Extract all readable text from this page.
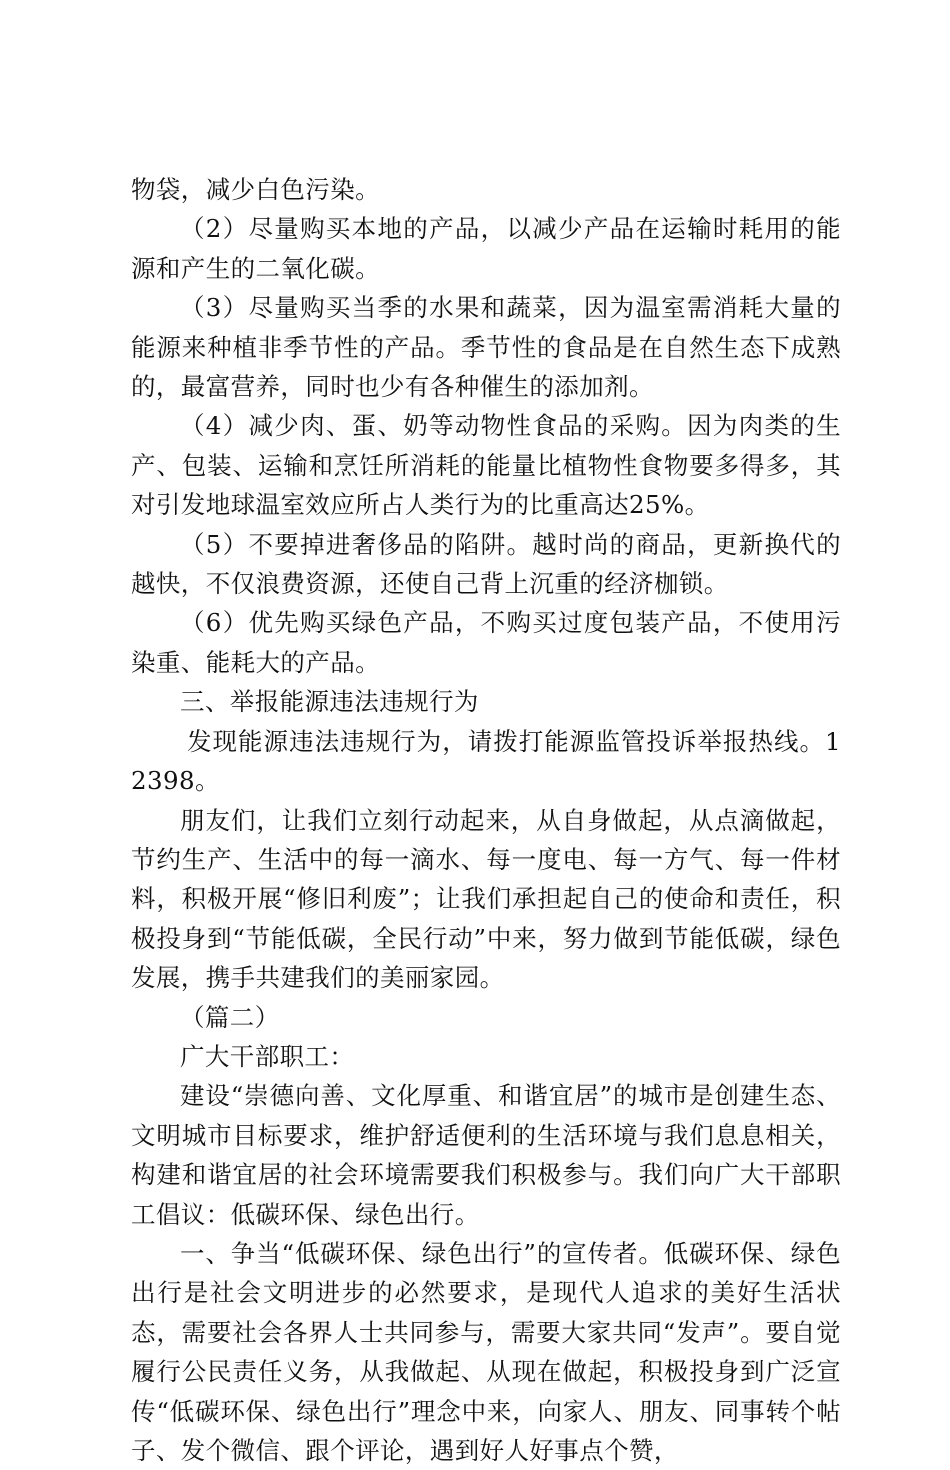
物袋，减少白色污染。

（2）尽量购买本地的产品，以减少产品在运输时耗用的能源和产生的二氧化碳。

（3）尽量购买当季的水果和蔬菜，因为温室需消耗大量的能源来种植非季节性的产品。季节性的食品是在自然生态下成熟的，最富营养，同时也少有各种催生的添加剂。

（4）减少肉、蛋、奶等动物性食品的采购。因为肉类的生产、包装、运输和烹饪所消耗的能量比植物性食物要多得多，其对引发地球温室效应所占人类行为的比重高达25%。

（5）不要掉进奢侈品的陷阱。越时尚的商品，更新换代的越快，不仅浪费资源，还使自己背上沉重的经济枷锁。

（6）优先购买绿色产品，不购买过度包装产品，不使用污染重、能耗大的产品。

三、举报能源违法违规行为

发现能源违法违规行为，请拨打能源监管投诉举报热线。12398。

朋友们，让我们立刻行动起来，从自身做起，从点滴做起，节约生产、生活中的每一滴水、每一度电、每一方气、每一件材料，积极开展“修旧利废”；让我们承担起自己的使命和责任，积极投身到“节能低碳，全民行动”中来，努力做到节能低碳，绿色发展，携手共建我们的美丽家园。

（篇二）

广大干部职工：

建设“崇德向善、文化厚重、和谐宜居”的城市是创建生态、文明城市目标要求，维护舒适便利的生活环境与我们息息相关，构建和谐宜居的社会环境需要我们积极参与。我们向广大干部职工倡议：低碳环保、绿色出行。

一、争当“低碳环保、绿色出行”的宣传者。低碳环保、绿色出行是社会文明进步的必然要求，是现代人追求的美好生活状态，需要社会各界人士共同参与，需要大家共同“发声”。要自觉履行公民责任义务，从我做起、从现在做起，积极投身到广泛宣传“低碳环保、绿色出行”理念中来，向家人、朋友、同事转个帖子、发个微信、跟个评论，遇到好人好事点个赞，
